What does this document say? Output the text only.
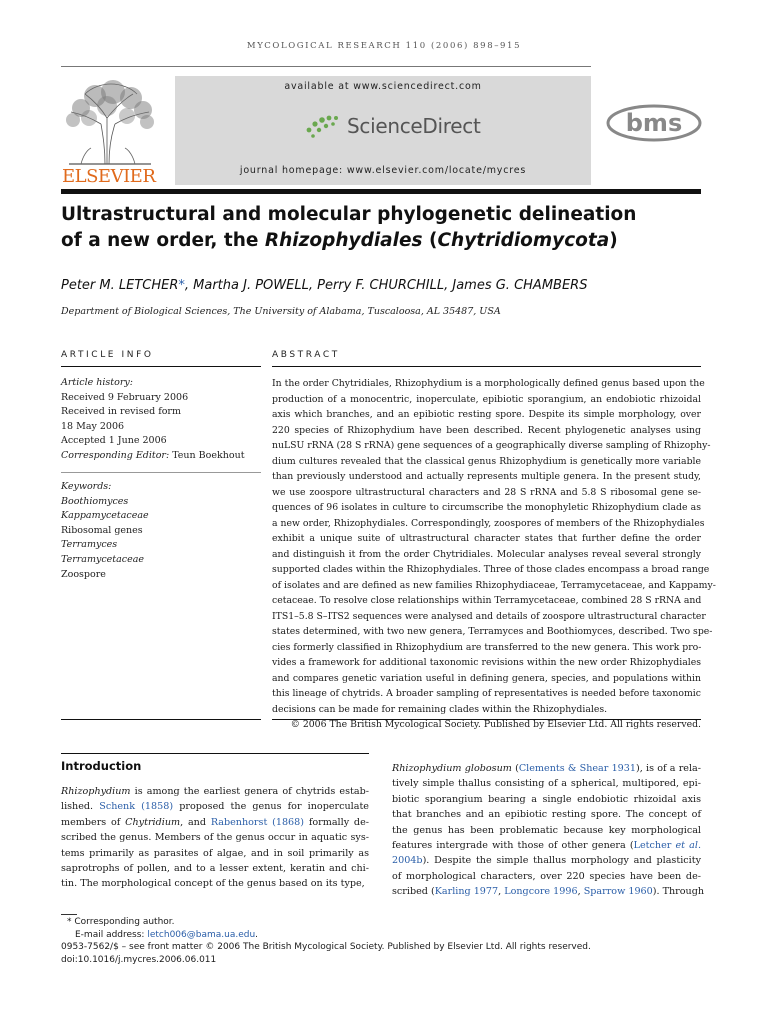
MYCOLOGICAL RESEARCH 110 (2006) 898–915
ELSEVIER
available at www.sciencedirect.com
ScienceDirect
journal homepage: www.elsevier.com/locate/mycres
bms
Ultrastructural and molecular phylogenetic delineation
of a new order, the Rhizophydiales (Chytridiomycota)
Peter M. LETCHER*, Martha J. POWELL, Perry F. CHURCHILL, James G. CHAMBERS
Department of Biological Sciences, The University of Alabama, Tuscaloosa, AL 35487, USA
ARTICLE INFO
Article history:
Received 9 February 2006
Received in revised form
18 May 2006
Accepted 1 June 2006
Corresponding Editor: Teun Boekhout
Keywords:
Boothiomyces
Kappamycetaceae
Ribosomal genes
Terramyces
Terramycetaceae
Zoospore
ABSTRACT
In the order Chytridiales, Rhizophydium is a morphologically defined genus based upon the
production of a monocentric, inoperculate, epibiotic sporangium, an endobiotic rhizoidal
axis which branches, and an epibiotic resting spore. Despite its simple morphology, over
220 species of Rhizophydium have been described. Recent phylogenetic analyses using
nuLSU rRNA (28 S rRNA) gene sequences of a geographically diverse sampling of Rhizophy-
dium cultures revealed that the classical genus Rhizophydium is genetically more variable
than previously understood and actually represents multiple genera. In the present study,
we use zoospore ultrastructural characters and 28 S rRNA and 5.8 S ribosomal gene se-
quences of 96 isolates in culture to circumscribe the monophyletic Rhizophydium clade as
a new order, Rhizophydiales. Correspondingly, zoospores of members of the Rhizophydiales
exhibit a unique suite of ultrastructural character states that further define the order
and distinguish it from the order Chytridiales. Molecular analyses reveal several strongly
supported clades within the Rhizophydiales. Three of those clades encompass a broad range
of isolates and are defined as new families Rhizophydiaceae, Terramycetaceae, and Kappamy-
cetaceae. To resolve close relationships within Terramycetaceae, combined 28 S rRNA and
ITS1–5.8 S–ITS2 sequences were analysed and details of zoospore ultrastructural character
states determined, with two new genera, Terramyces and Boothiomyces, described. Two spe-
cies formerly classified in Rhizophydium are transferred to the new genera. This work pro-
vides a framework for additional taxonomic revisions within the new order Rhizophydiales
and compares genetic variation useful in defining genera, species, and populations within
this lineage of chytrids. A broader sampling of representatives is needed before taxonomic
decisions can be made for remaining clades within the Rhizophydiales.
© 2006 The British Mycological Society. Published by Elsevier Ltd. All rights reserved.
Introduction
Rhizophydium is among the earliest genera of chytrids estab-
lished. Schenk (1858) proposed the genus for inoperculate
members of Chytridium, and Rabenhorst (1868) formally de-
scribed the genus. Members of the genus occur in aquatic sys-
tems primarily as parasites of algae, and in soil primarily as
saprotrophs of pollen, and to a lesser extent, keratin and chi-
tin. The morphological concept of the genus based on its type,
Rhizophydium globosum (Clements & Shear 1931), is of a rela-
tively simple thallus consisting of a spherical, multipored, epi-
biotic sporangium bearing a single endobiotic rhizoidal axis
that branches and an epibiotic resting spore. The concept of
the genus has been problematic because key morphological
features intergrade with those of other genera (Letcher et al.
2004b). Despite the simple thallus morphology and plasticity
of morphological characters, over 220 species have been de-
scribed (Karling 1977, Longcore 1996, Sparrow 1960). Through
* Corresponding author.
E-mail address: letch006@bama.ua.edu.
0953-7562/$ – see front matter © 2006 The British Mycological Society. Published by Elsevier Ltd. All rights reserved.
doi:10.1016/j.mycres.2006.06.011
